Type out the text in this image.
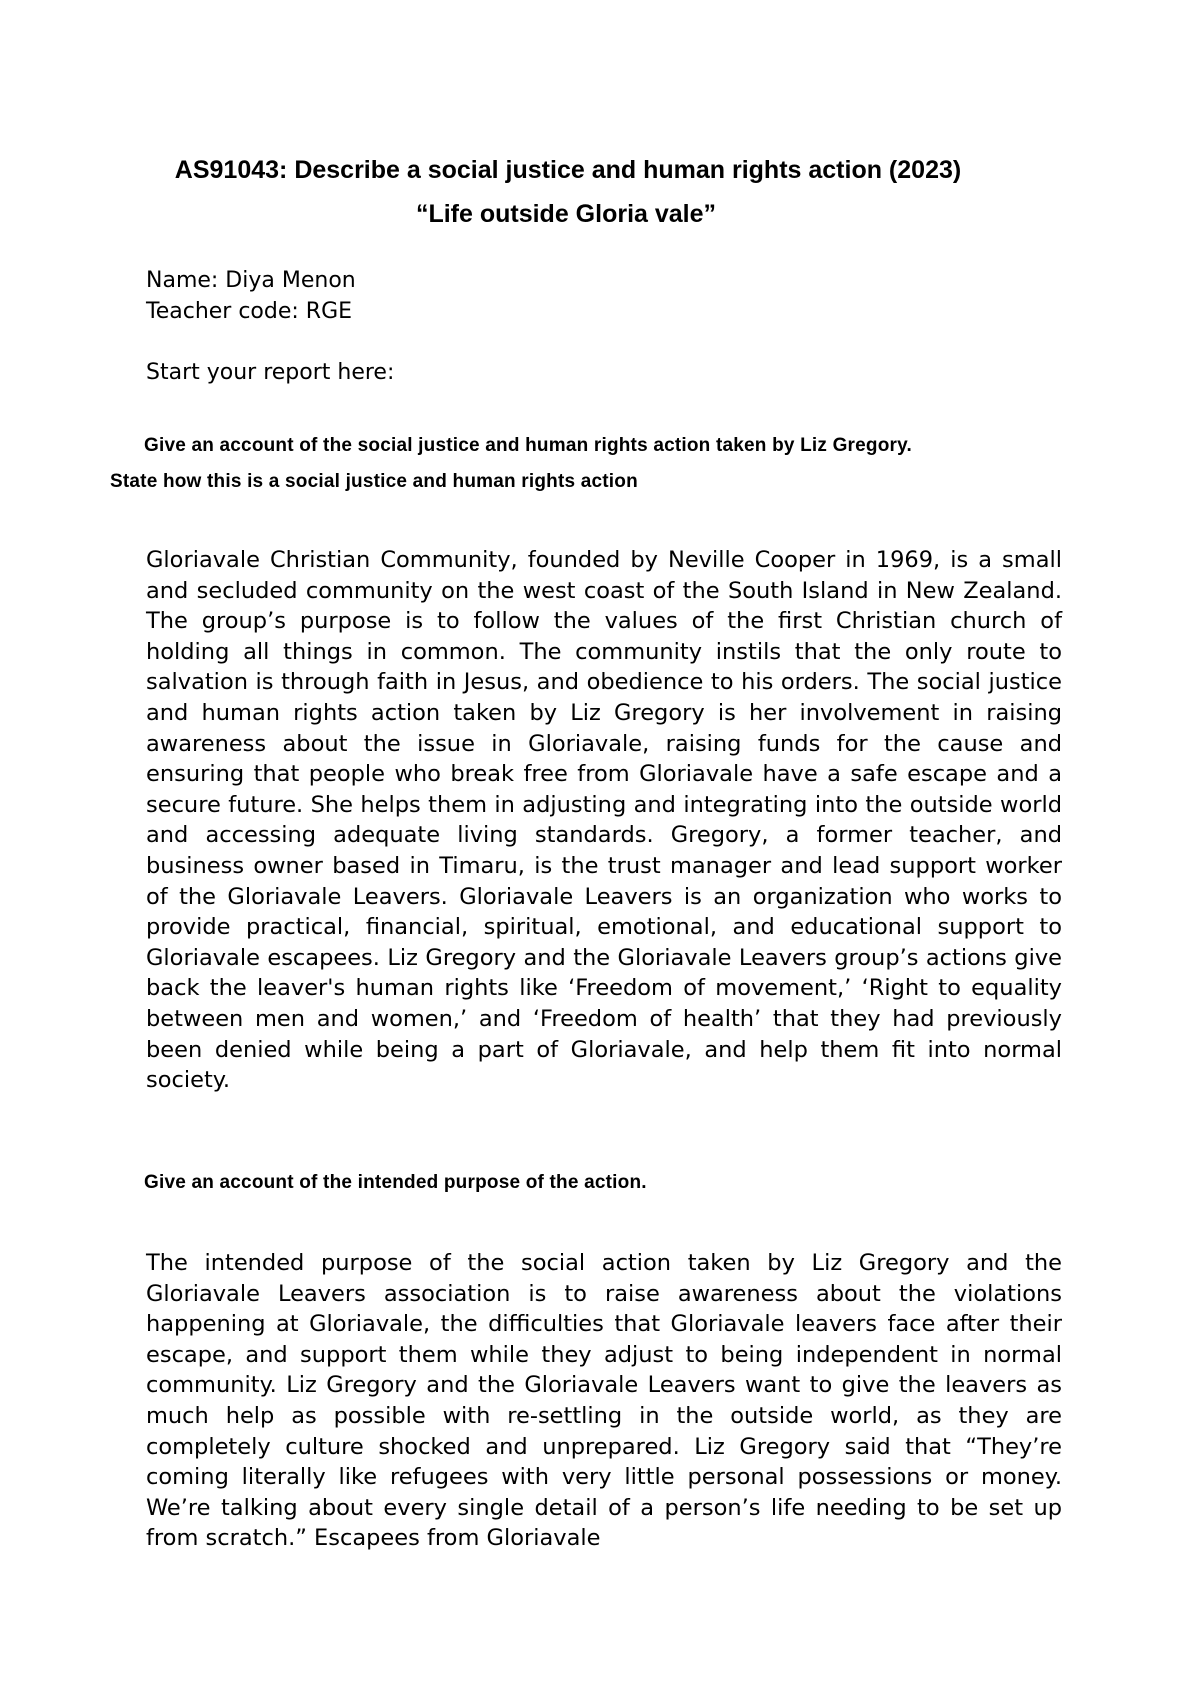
AS91043: Describe a social justice and human rights action (2023)
“Life outside Gloria vale”

Name: Diya Menon

Teacher code: RGE

Start your report here:

Give an account of the social justice and human rights action taken by Liz Gregory.

State how this is a social justice and human rights action

Gloriavale Christian Community, founded by Neville Cooper in 1969, is a small and secluded community on the west coast of the South Island in New Zealand. The group’s purpose is to follow the values of the first Christian church of holding all things in common. The community instils that the only route to salvation is through faith in Jesus, and obedience to his orders. The social justice and human rights action taken by Liz Gregory is her involvement in raising awareness about the issue in Gloriavale, raising funds for the cause and ensuring that people who break free from Gloriavale have a safe escape and a secure future. She helps them in adjusting and integrating into the outside world and accessing adequate living standards. Gregory, a former teacher, and business owner based in Timaru, is the trust manager and lead support worker of the Gloriavale Leavers. Gloriavale Leavers is an organization who works to provide practical, financial, spiritual, emotional, and educational support to Gloriavale escapees. Liz Gregory and the Gloriavale Leavers group’s actions give back the leaver's human rights like ‘Freedom of movement,’ ‘Right to equality between men and women,’ and ‘Freedom of health’ that they had previously been denied while being a part of Gloriavale, and help them fit into normal society.

Give an account of the intended purpose of the action.

The intended purpose of the social action taken by Liz Gregory and the Gloriavale Leavers association is to raise awareness about the violations happening at Gloriavale, the difficulties that Gloriavale leavers face after their escape, and support them while they adjust to being independent in normal community. Liz Gregory and the Gloriavale Leavers want to give the leavers as much help as possible with re-settling in the outside world, as they are completely culture shocked and unprepared. Liz Gregory said that “They’re coming literally like refugees with very little personal possessions or money. We’re talking about every single detail of a person’s life needing to be set up from scratch.” Escapees from Gloriavale
